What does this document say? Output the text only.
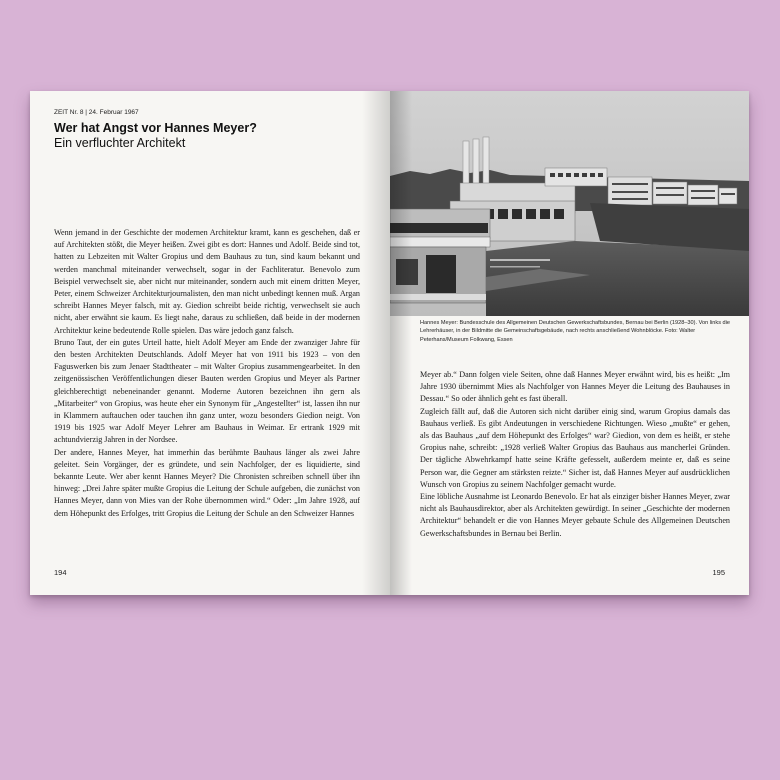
ZEIT Nr. 8 | 24. Februar 1967
Wer hat Angst vor Hannes Meyer?
Ein verfluchter Architekt

Wenn jemand in der Geschichte der modernen Architektur kramt, kann es geschehen, daß er auf Architekten stößt, die Meyer heißen. Zwei gibt es dort: Hannes und Adolf. Beide sind tot, hatten zu Lebzeiten mit Walter Gropius und dem Bauhaus zu tun, sind kaum bekannt und werden manchmal miteinander verwechselt, sogar in der Fachliteratur. Benevolo zum Beispiel verwechselt sie, aber nicht nur miteinander, sondern auch mit einem dritten Meyer, Peter, einem Schweizer Architekturjournalisten, den man nicht unbedingt kennen muß. Argan schreibt Hannes Meyer falsch, mit ay. Giedion schreibt beide richtig, verwechselt sie auch nicht, aber erwähnt sie kaum. Es liegt nahe, daraus zu schließen, daß beide in der modernen Architektur keine bedeutende Rolle spielen. Das wäre jedoch ganz falsch.

Bruno Taut, der ein gutes Urteil hatte, hielt Adolf Meyer am Ende der zwanziger Jahre für den besten Architekten Deutschlands. Adolf Meyer hat von 1911 bis 1923 – von den Faguswerken bis zum Jenaer Stadttheater – mit Walter Gropius zusammengearbeitet. In den zeitgenössischen Veröffentlichungen dieser Bauten werden Gropius und Meyer als Partner gleichberechtigt nebeneinander genannt. Moderne Autoren bezeichnen ihn gern als „Mitarbeiter“ von Gropius, was heute eher ein Synonym für „Angestellter“ ist, lassen ihn nur in Klammern auftauchen oder tauchen ihn ganz unter, wozu besonders Giedion neigt. Von 1919 bis 1925 war Adolf Meyer Lehrer am Bauhaus in Weimar. Er ertrank 1929 mit achtundvierzig Jahren in der Nordsee.

Der andere, Hannes Meyer, hat immerhin das berühmte Bauhaus länger als zwei Jahre geleitet. Sein Vorgänger, der es gründete, und sein Nachfolger, der es liquidierte, sind bekannte Leute. Wer aber kennt Hannes Meyer? Die Chronisten schreiben schnell über ihn hinweg: „Drei Jahre später mußte Gropius die Leitung der Schule aufgeben, die zunächst von Hannes Meyer, dann von Mies van der Rohe übernommen wird.“ Oder: „Im Jahre 1928, auf dem Höhepunkt des Erfolges, tritt Gropius die Leitung der Schule an den Schweizer Hannes

194
Hannes Meyer: Bundesschule des Allgemeinen Deutschen Gewerkschaftsbundes, Bernau bei Berlin (1928–30). Von links die Lehrerhäuser, in der Bildmitte die Gemeinschaftsgebäude, nach rechts anschließend Wohnblöcke. Foto: Walter Peterhans/Museum Folkwang, Essen

Meyer ab.“ Dann folgen viele Seiten, ohne daß Hannes Meyer erwähnt wird, bis es heißt: „Im Jahre 1930 übernimmt Mies als Nachfolger von Hannes Meyer die Leitung des Bauhauses in Dessau.“ So oder ähnlich geht es fast überall.

Zugleich fällt auf, daß die Autoren sich nicht darüber einig sind, warum Gropius damals das Bauhaus verließ. Es gibt Andeutungen in verschiedene Richtungen. Wieso „mußte“ er gehen, als das Bauhaus „auf dem Höhepunkt des Erfolges“ war? Giedion, von dem es heißt, er stehe Gropius nahe, schreibt: „1928 verließ Walter Gropius das Bauhaus aus mancherlei Gründen. Der tägliche Abwehrkampf hatte seine Kräfte gefesselt, außerdem meinte er, daß es seine Person war, die Gegner am stärksten reizte.“ Sicher ist, daß Hannes Meyer auf ausdrücklichen Wunsch von Gropius zu seinem Nachfolger gemacht wurde.

Eine löbliche Ausnahme ist Leonardo Benevolo. Er hat als einziger bisher Hannes Meyer, zwar nicht als Bauhausdirektor, aber als Architekten gewürdigt. In seiner „Geschichte der modernen Architektur“ behandelt er die von Hannes Meyer gebaute Schule des Allgemeinen Deutschen Gewerkschaftsbundes in Bernau bei Berlin.

195
